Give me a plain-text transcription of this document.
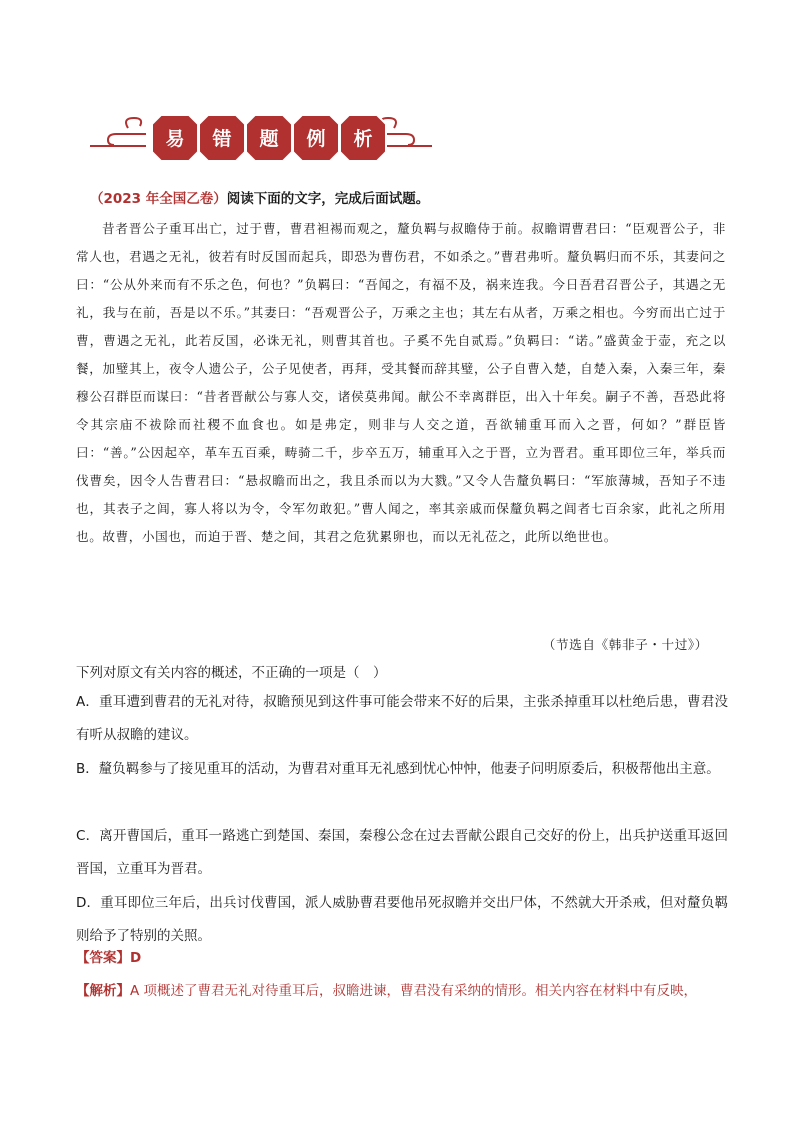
易 错 题 例 析
（2023 年全国乙卷）阅读下面的文字，完成后面试题。
昔者晋公子重耳出亡，过于曹，曹君袒裼而观之，釐负羁与叔瞻侍于前。叔瞻谓曹君曰：“臣观晋公子，非常人也，君遇之无礼，彼若有时反国而起兵，即恐为曹伤君，不如杀之。”曹君弗听。釐负羁归而不乐，其妻问之曰：“公从外来而有不乐之色，何也？”负羁曰：“吾闻之，有福不及，祸来连我。今日吾君召晋公子，其遇之无礼，我与在前，吾是以不乐。”其妻曰：“吾观晋公子，万乘之主也；其左右从者，万乘之相也。今穷而出亡过于曹，曹遇之无礼，此若反国，必诛无礼，则曹其首也。子奚不先自贰焉。”负羁曰：“诺。”盛黄金于壶，充之以餐，加璧其上，夜令人遗公子，公子见使者，再拜，受其餐而辞其璧，公子自曹入楚，自楚入秦，入秦三年，秦穆公召群臣而谋曰：“昔者晋献公与寡人交，诸侯莫弗闻。献公不幸离群臣，出入十年矣。嗣子不善，吾恐此将令其宗庙不祓除而社稷不血食也。如是弗定，则非与人交之道，吾欲辅重耳而入之晋，何如？”群臣皆曰：“善。”公因起卒，革车五百乘，畴骑二千，步卒五万，辅重耳入之于晋，立为晋君。重耳即位三年，举兵而伐曹矣，因令人告曹君曰：“悬叔瞻而出之，我且杀而以为大戮。”又令人告釐负羁曰：“军旅薄城，吾知子不违也，其表子之闾，寡人将以为令，令军勿敢犯。”曹人闻之，率其亲戚而保釐负羁之闾者七百余家，此礼之所用也。故曹，小国也，而迫于晋、楚之间，其君之危犹累卵也，而以无礼莅之，此所以绝世也。
（节选自《韩非子・十过》）
下列对原文有关内容的概述，不正确的一项是（　）
A．重耳遭到曹君的无礼对待，叔瞻预见到这件事可能会带来不好的后果，主张杀掉重耳以杜绝后患，曹君没有听从叔瞻的建议。
B．釐负羁参与了接见重耳的活动，为曹君对重耳无礼感到忧心忡忡，他妻子问明原委后，积极帮他出主意。
C．离开曹国后，重耳一路逃亡到楚国、秦国，秦穆公念在过去晋献公跟自己交好的份上，出兵护送重耳返回晋国，立重耳为晋君。
D．重耳即位三年后，出兵讨伐曹国，派人威胁曹君要他吊死叔瞻并交出尸体，不然就大开杀戒，但对釐负羁则给予了特别的关照。
【答案】D
【解析】A 项概述了曹君无礼对待重耳后，叔瞻进谏，曹君没有采纳的情形。相关内容在材料中有反映，
